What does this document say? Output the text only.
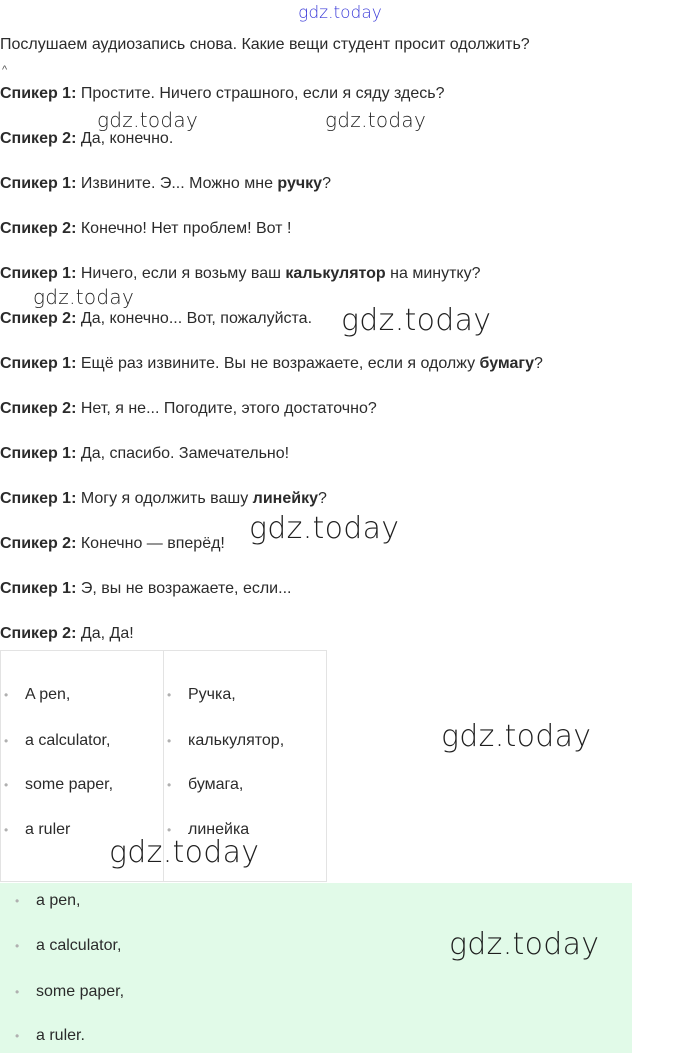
gdz.today
Послушаем аудиозапись снова. Какие вещи студент просит одолжить?
^
Спикер 1: Простите. Ничего страшного, если я сяду здесь?
Спикер 2: Да, конечно.
Спикер 1: Извините. Э... Можно мне ручку?
Спикер 2: Конечно! Нет проблем! Вот !
Спикер 1: Ничего, если я возьму ваш калькулятор на минутку?
Спикер 2: Да, конечно... Вот, пожалуйста.
Спикер 1: Ещё раз извините. Вы не возражаете, если я одолжу бумагу?
Спикер 2: Нет, я не... Погодите, этого достаточно?
Спикер 1: Да, спасибо. Замечательно!
Спикер 1: Могу я одолжить вашу линейку?
Спикер 2: Конечно — вперёд!
Спикер 1: Э, вы не возражаете, если...
Спикер 2: Да, Да!
• A pen,
• a calculator,
• some paper,
• a ruler
• Ручка,
• калькулятор,
• бумага,
• линейка
• a pen,
• a calculator,
• some paper,
• a ruler.
gdz.today	gdz.today
gdz.today
gdz.today
gdz.today
gdz.today
gdz.today
gdz.today
